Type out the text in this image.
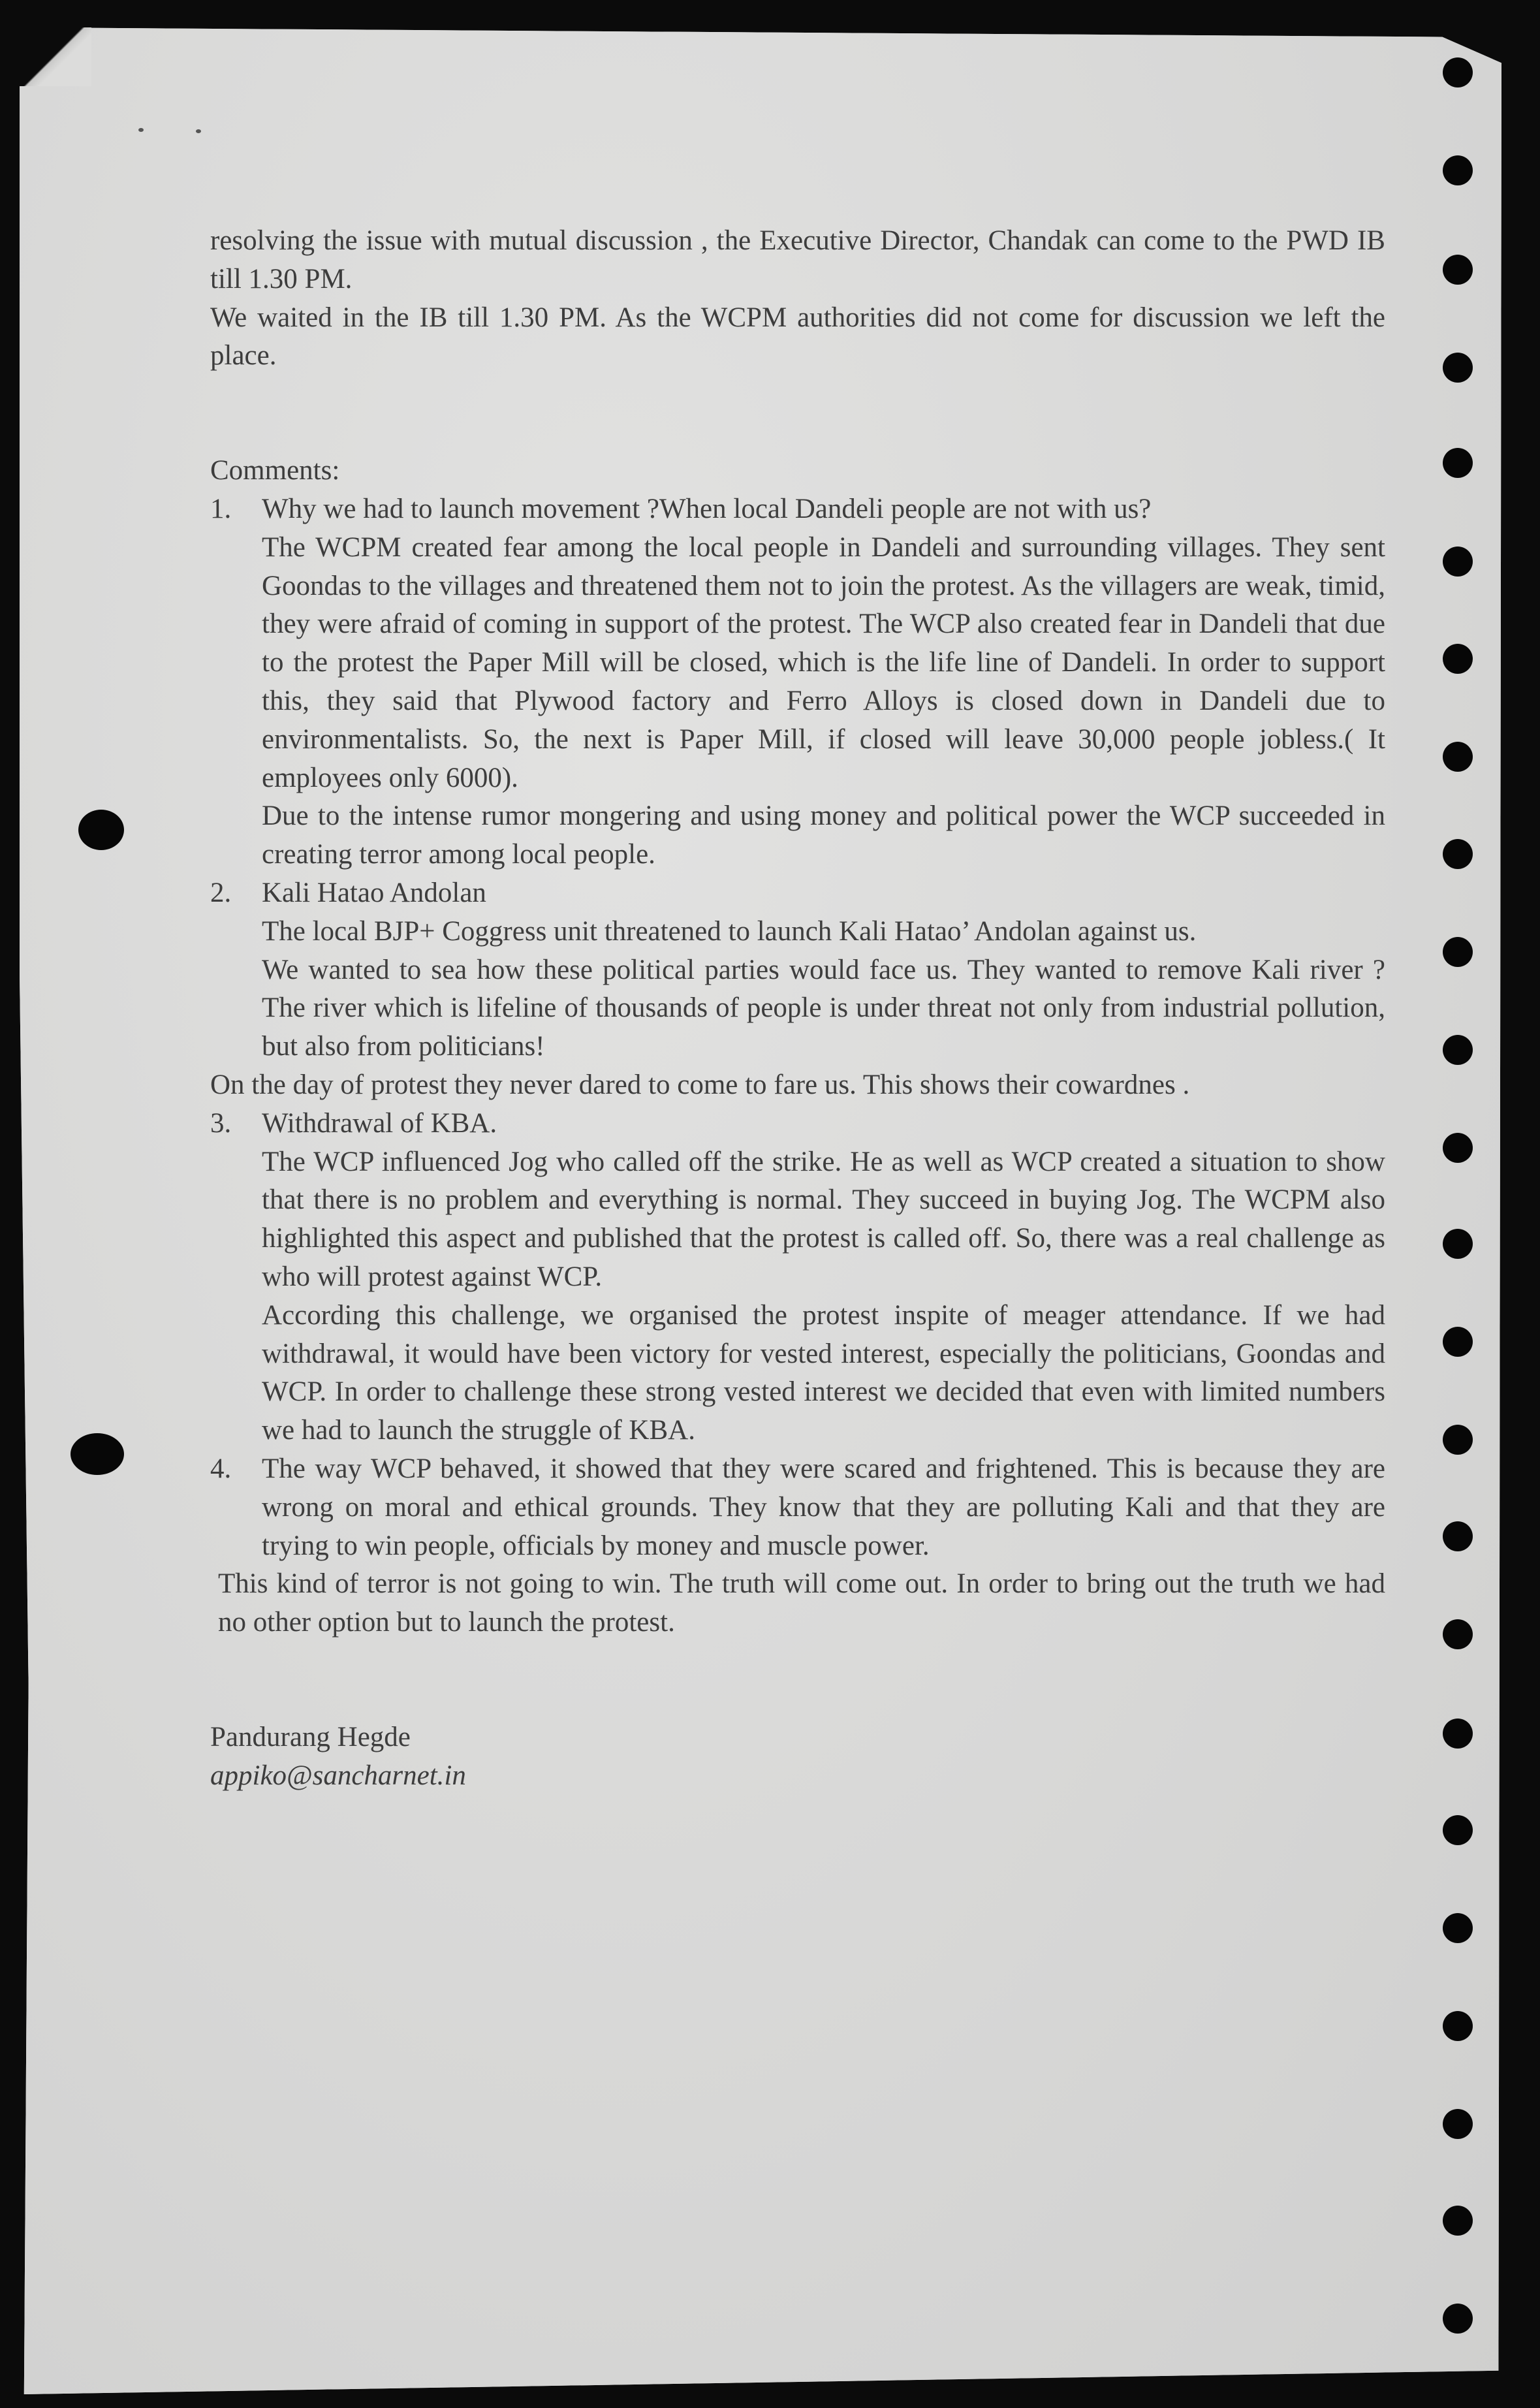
resolving the issue with mutual discussion , the Executive Director, Chandak can come to the PWD IB till 1.30 PM.

We waited in the IB till 1.30 PM. As the WCPM authorities did not come for discussion we left the place.

Comments:

1.	Why we had to launch movement ?When local Dandeli people are not with us?

The WCPM created fear among the local people in Dandeli and surrounding villages. They sent Goondas to the villages and threatened them not to join the protest. As the villagers are weak, timid, they were afraid of coming in support of the protest. The WCP also created fear in Dandeli that due to the protest the Paper Mill will be closed, which is the life line of Dandeli. In order to support this, they said that Plywood factory and Ferro Alloys is closed down in Dandeli due to environmentalists. So, the next is Paper Mill, if closed will leave 30,000 people jobless.( It employees only 6000).

Due to the intense rumor mongering and using money and political power the WCP succeeded in creating terror among local people.

2.	Kali Hatao Andolan

The local BJP+ Coggress unit threatened to launch Kali Hatao’ Andolan against us.

We wanted to sea how these political parties would face us. They wanted to remove Kali river ? The river which is lifeline of thousands of people is under threat not only from industrial pollution, but also from politicians!

On the day of protest they never dared to come to fare us. This shows their cowardnes .

3.	Withdrawal of KBA.

The WCP influenced Jog who called off the strike. He as well as WCP created a situation to show that there is no problem and everything is normal. They succeed in buying Jog. The WCPM also highlighted this aspect and published that the protest is called off. So, there was a real challenge as who will protest against WCP.

According this challenge, we organised the protest inspite of meager attendance. If we had withdrawal, it would have been victory for vested interest, especially the politicians, Goondas and WCP. In order to challenge these strong vested interest we decided that even with limited numbers we had to launch the struggle of KBA.

4.	The way WCP behaved, it showed that they were scared and frightened. This is because they are wrong on moral and ethical grounds. They know that they are polluting Kali and that they are trying to win people, officials by money and muscle power.

This kind of terror is not going to win. The truth will come out. In order to bring out the truth we had no other option but to launch the protest.

Pandurang Hegde

appiko@sancharnet.in
